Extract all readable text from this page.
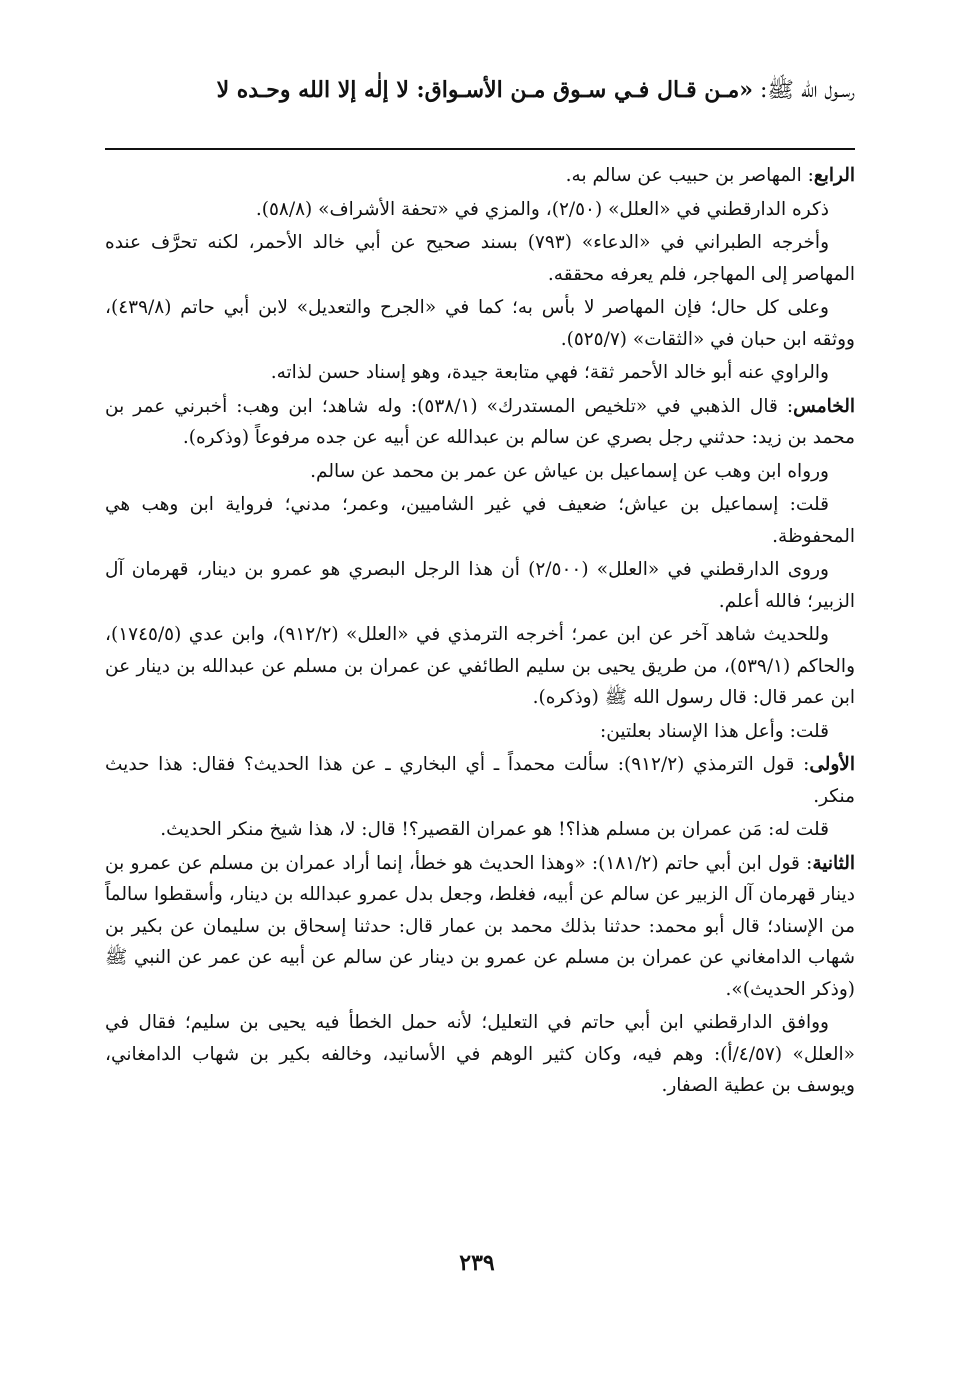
رسـول الله ﷺ: «مـن قـال فـي سـوق مـن الأسـواق: لا إلٰه إلا الله وحـده لا

الرابع: المهاصر بن حبيب عن سالم به.

ذكره الدارقطني في «العلل» (٢/٥٠)، والمزي في «تحفة الأشراف» (٥٨/٨).

وأخرجه الطبراني في «الدعاء» (٧٩٣) بسند صحيح عن أبي خالد الأحمر، لكنه تحرَّف عنده المهاصر إلى المهاجر، فلم يعرفه محققه.

وعلى كل حال؛ فإن المهاصر لا بأس به؛ كما في «الجرح والتعديل» لابن أبي حاتم (٤٣٩/٨)، ووثقه ابن حبان في «الثقات» (٥٢٥/٧).

والراوي عنه أبو خالد الأحمر ثقة؛ فهي متابعة جيدة، وهو إسناد حسن لذاته.

الخامس: قال الذهبي في «تلخيص المستدرك» (٥٣٨/١): وله شاهد؛ ابن وهب: أخبرني عمر بن محمد بن زيد: حدثني رجل بصري عن سالم بن عبدالله عن أبيه عن جده مرفوعاً (وذكره).

ورواه ابن وهب عن إسماعيل بن عياش عن عمر بن محمد عن سالم.

قلت: إسماعيل بن عياش؛ ضعيف في غير الشاميين، وعمر؛ مدني؛ فرواية ابن وهب هي المحفوظة.

وروى الدارقطني في «العلل» (٢/٥٠٠) أن هذا الرجل البصري هو عمرو بن دينار، قهرمان آل الزبير؛ فالله أعلم.

وللحديث شاهد آخر عن ابن عمر؛ أخرجه الترمذي في «العلل» (٩١٢/٢)، وابن عدي (١٧٤٥/٥)، والحاكم (٥٣٩/١)، من طريق يحيى بن سليم الطائفي عن عمران بن مسلم عن عبدالله بن دينار عن ابن عمر قال: قال رسول الله ﷺ (وذكره).

قلت: وأعل هذا الإسناد بعلتين:

الأولى: قول الترمذي (٩١٢/٢): سألت محمداً ـ أي البخاري ـ عن هذا الحديث؟ فقال: هذا حديث منكر.

قلت له: مَن عمران بن مسلم هذا؟! هو عمران القصير؟! قال: لا، هذا شيخ منكر الحديث.

الثانية: قول ابن أبي حاتم (١٨١/٢): «وهذا الحديث هو خطأ، إنما أراد عمران بن مسلم عن عمرو بن دينار قهرمان آل الزبير عن سالم عن أبيه، فغلط، وجعل بدل عمرو عبدالله بن دينار، وأسقطوا سالماً من الإسناد؛ قال أبو محمد: حدثنا بذلك محمد بن عمار قال: حدثنا إسحاق بن سليمان عن بكير بن شهاب الدامغاني عن عمران بن مسلم عن عمرو بن دينار عن سالم عن أبيه عن عمر عن النبي ﷺ (وذكر الحديث)».

ووافق الدارقطني ابن أبي حاتم في التعليل؛ لأنه حمل الخطأ فيه يحيى بن سليم؛ فقال في «العلل» (٤/٥٧/أ): وهم فيه، وكان كثير الوهم في الأسانيد، وخالفه بكير بن شهاب الدامغاني، ويوسف بن عطية الصفار.

٢٣٩
